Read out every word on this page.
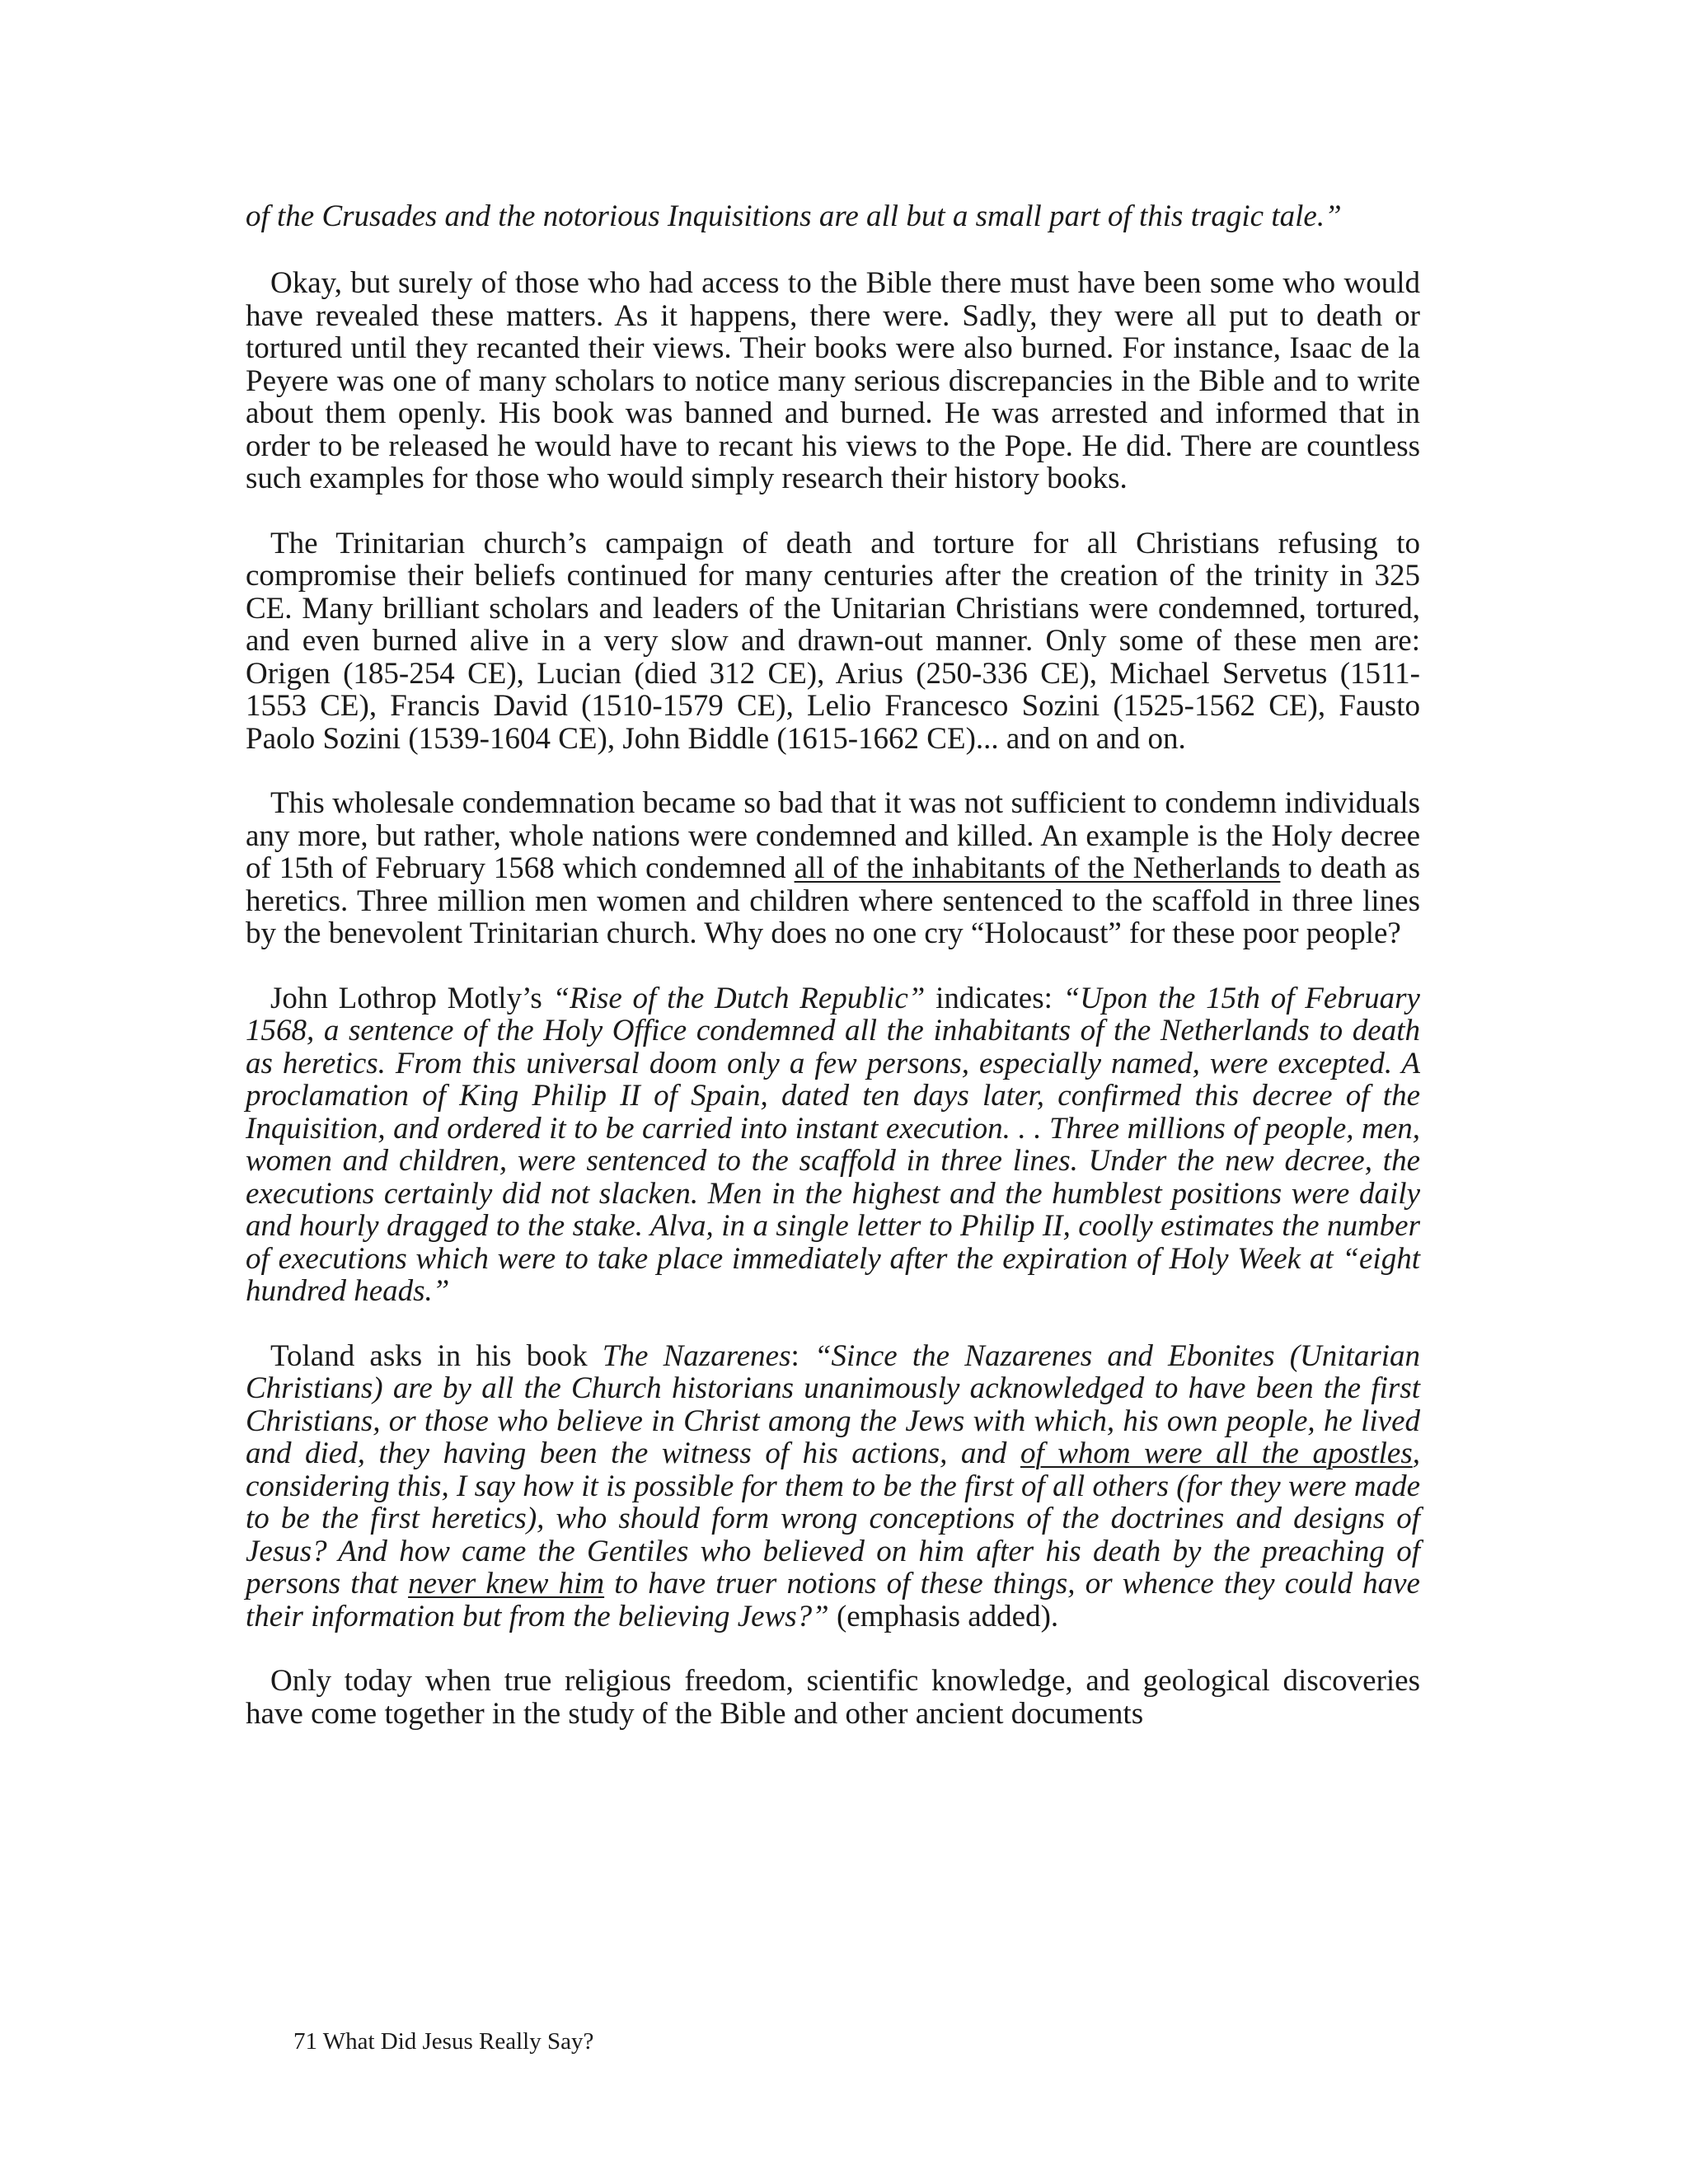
of the Crusades and the notorious Inquisitions are all but a small part of this tragic tale.”

Okay, but surely of those who had access to the Bible there must have been some who would have revealed these matters. As it happens, there were. Sadly, they were all put to death or tortured until they recanted their views. Their books were also burned. For instance, Isaac de la Peyere was one of many scholars to notice many serious discrepancies in the Bible and to write about them openly. His book was banned and burned. He was arrested and informed that in order to be released he would have to recant his views to the Pope. He did. There are countless such examples for those who would simply research their history books.

The Trinitarian church’s campaign of death and torture for all Christians refusing to compromise their beliefs continued for many centuries after the creation of the trinity in 325 CE. Many brilliant scholars and leaders of the Unitarian Christians were condemned, tortured, and even burned alive in a very slow and drawn-out manner. Only some of these men are: Origen (185-254 CE), Lucian (died 312 CE), Arius (250-336 CE), Michael Servetus (1511-1553 CE), Francis David (1510-1579 CE), Lelio Francesco Sozini (1525-1562 CE), Fausto Paolo Sozini (1539-1604 CE), John Biddle (1615-1662 CE)... and on and on.

This wholesale condemnation became so bad that it was not sufficient to condemn individuals any more, but rather, whole nations were condemned and killed. An example is the Holy decree of 15th of February 1568 which condemned all of the inhabitants of the Netherlands to death as heretics. Three million men women and children where sentenced to the scaffold in three lines by the benevolent Trinitarian church. Why does no one cry “Holocaust” for these poor people?

John Lothrop Motly’s “Rise of the Dutch Republic” indicates: “Upon the 15th of February 1568, a sentence of the Holy Office condemned all the inhabitants of the Netherlands to death as heretics. From this universal doom only a few persons, especially named, were excepted. A proclamation of King Philip II of Spain, dated ten days later, confirmed this decree of the Inquisition, and ordered it to be carried into instant execution. . . Three millions of people, men, women and children, were sentenced to the scaffold in three lines. Under the new decree, the executions certainly did not slacken. Men in the highest and the humblest positions were daily and hourly dragged to the stake. Alva, in a single letter to Philip II, coolly estimates the number of executions which were to take place immediately after the expiration of Holy Week at “eight hundred heads.”

Toland asks in his book The Nazarenes: “Since the Nazarenes and Ebonites (Unitarian Christians) are by all the Church historians unanimously acknowledged to have been the first Christians, or those who believe in Christ among the Jews with which, his own people, he lived and died, they having been the witness of his actions, and of whom were all the apostles, considering this, I say how it is possible for them to be the first of all others (for they were made to be the first heretics), who should form wrong conceptions of the doctrines and designs of Jesus? And how came the Gentiles who believed on him after his death by the preaching of persons that never knew him to have truer notions of these things, or whence they could have their information but from the believing Jews?” (emphasis added).

Only today when true religious freedom, scientific knowledge, and geological discoveries have come together in the study of the Bible and other ancient documents

71 What Did Jesus Really Say?
